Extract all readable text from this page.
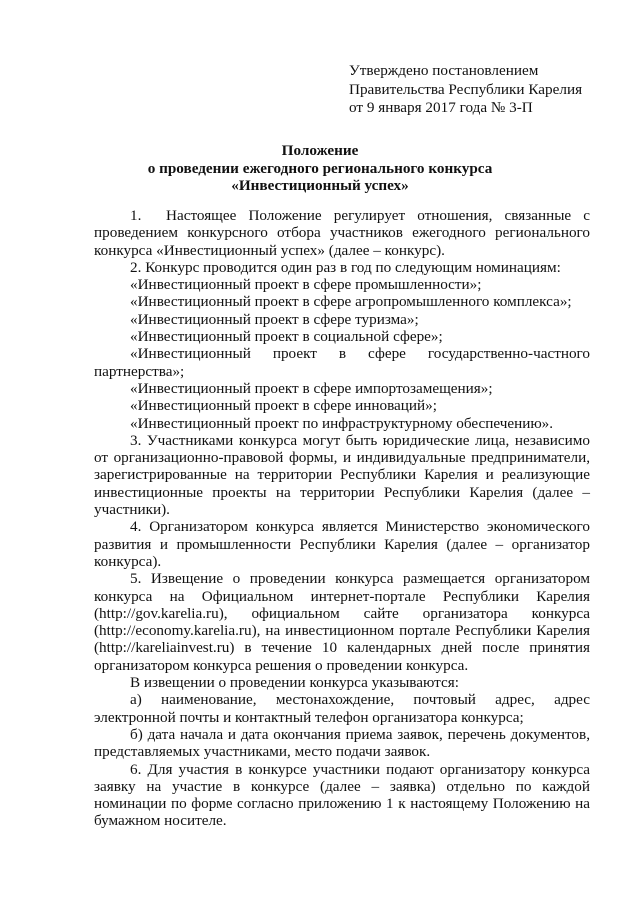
Утверждено постановлением
Правительства Республики Карелия
от 9 января 2017 года № 3-П
Положение
о проведении ежегодного регионального конкурса
«Инвестиционный успех»

1. Настоящее Положение регулирует отношения, связанные с проведением конкурсного отбора участников ежегодного регионального конкурса «Инвестиционный успех» (далее – конкурс).

2. Конкурс проводится один раз в год по следующим номинациям:

«Инвестиционный проект в сфере промышленности»;

«Инвестиционный проект в сфере агропромышленного комплекса»;

«Инвестиционный проект в сфере туризма»;

«Инвестиционный проект в социальной сфере»;

«Инвестиционный проект в сфере государственно-частного партнерства»;

«Инвестиционный проект в сфере импортозамещения»;

«Инвестиционный проект в сфере инноваций»;

«Инвестиционный проект по инфраструктурному обеспечению».

3. Участниками конкурса могут быть юридические лица, независимо от организационно-правовой формы, и индивидуальные предприниматели, зарегистрированные на территории Республики Карелия и реализующие инвестиционные проекты на территории Республики Карелия (далее – участники).

4. Организатором конкурса является Министерство экономического развития и промышленности Республики Карелия (далее – организатор конкурса).

5. Извещение о проведении конкурса размещается организатором конкурса на Официальном интернет-портале Республики Карелия (http://gov.karelia.ru), официальном сайте организатора конкурса (http://economy.karelia.ru), на инвестиционном портале Республики Карелия (http://kareliainvest.ru) в течение 10 календарных дней после принятия организатором конкурса решения о проведении конкурса.

В извещении о проведении конкурса указываются:

а) наименование, местонахождение, почтовый адрес, адрес электронной почты и контактный телефон организатора конкурса;

б) дата начала и дата окончания приема заявок, перечень документов, представляемых участниками, место подачи заявок.

6. Для участия в конкурсе участники подают организатору конкурса заявку на участие в конкурсе (далее – заявка) отдельно по каждой номинации по форме согласно приложению 1 к настоящему Положению на бумажном носителе.
